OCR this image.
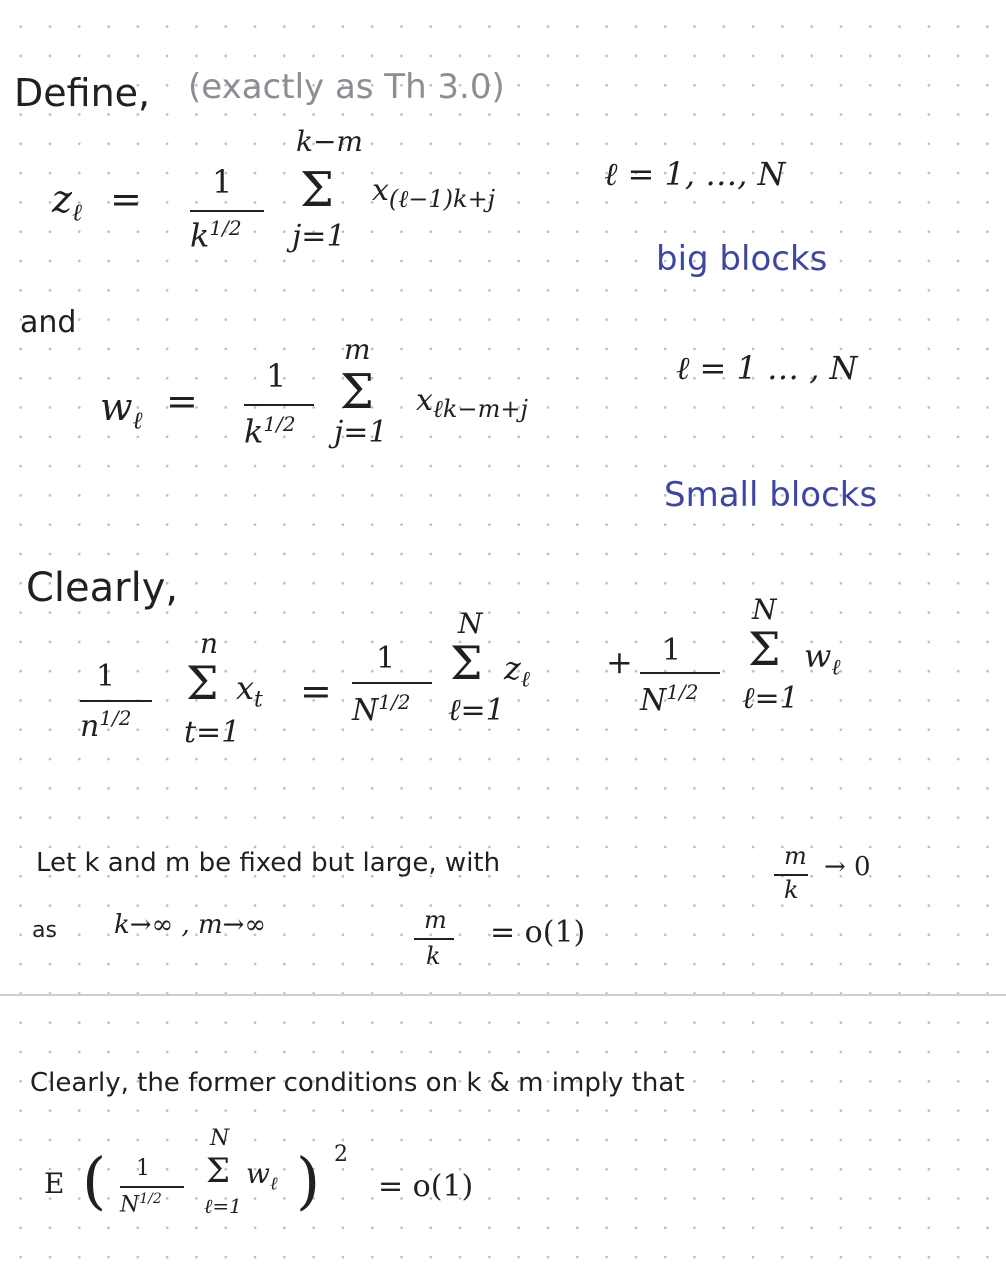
Define, (exactly as Th 3.0)
$z_\ell = 1$
$k^{1/2}$
k−m
Σ
j=1
$x_{(\ell-1)k+j}$
ℓ = 1, …, N
big blocks
and
$w_\ell$ =
1
$k^{1/2}$
m
Σ
j=1
$x_{\ell k-m+j}$
ℓ = 1 … , N
Small blocks
Clearly,
1
$n^{1/2}$
n
Σ
t=1
$x_t$ =
1
$N^{1/2}$
N
Σ
ℓ=1
$z_\ell + 1$
$N^{1/2}$
N
Σ
ℓ=1
$w_\ell$
Let k and m be fixed but large, with	m
k
→ 0
as k→∞ , m→∞	m
k
= o(1)
Clearly, the former conditions on k & m imply that
E ( 1
$N^{1/2}$
N
Σ
ℓ=1
$w_\ell$ ) 2
= o(1)
